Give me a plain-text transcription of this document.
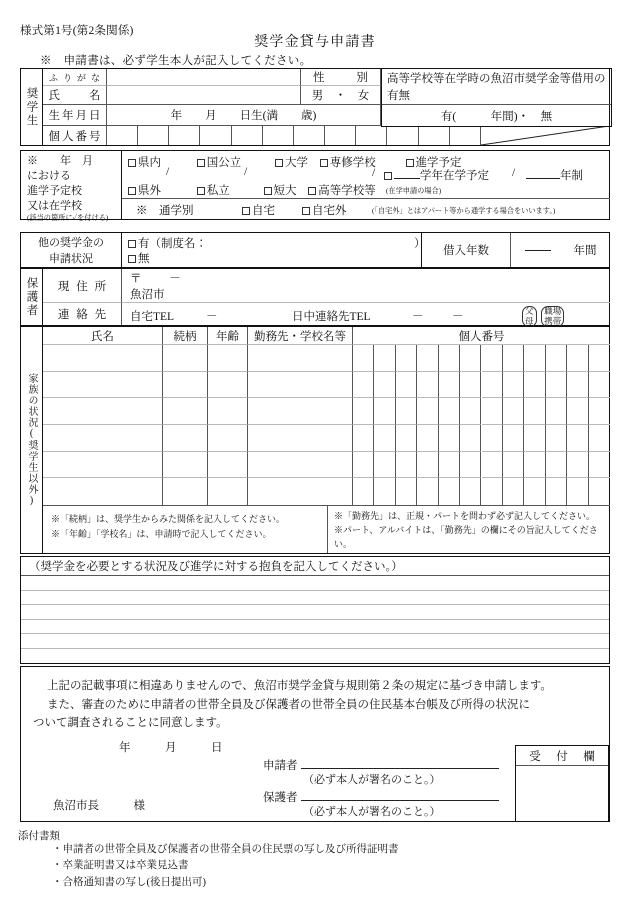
様式第1号(第2条関係)
奨学金貸与申請書
※　申請書は、必ず学生本人が記入してください。
奨学生
ふりがな
氏　　名
性　　別
男　・　女
生年月日	年　　月　　日生(満　　歳)
個人番号
高等学校等在学時の魚沼市奨学金等借用の有無
有(　　　年間)・　無
※　　年　月
における
進学予定校
又は在学校
(該当の箇所に✓を付ける)
県内	国公立	大学 専修学校	進学予定
/	/	/	/
学年在学予定	年制
県外	私立	短大 高等学校等 (在学申請の場合)
※　通学別	自宅	自宅外	(「自宅外」とはアパート等から通学する場合をいいます。)
他の奨学金の
申請状況
有（制度名：	）
無
借入年数	　　年間
保護者	現 住 所
〒 －
魚沼市
連 絡 先	自宅TEL	－	日中連絡先TEL	－ －	父
母

職場
携帯
家族の状況
(奨学生以外)
氏名	続柄	年齢	勤務先・学校名等	個人番号
※「続柄」は、奨学生からみた関係を記入してください。
※「年齢」「学校名」は、申請時で記入してください。
※「勤務先」は、正規・パートを問わず必ず記入してください。
※パート、アルバイトは、「勤務先」の欄にその旨記入してください。
（奨学金を必要とする状況及び進学に対する抱負を記入してください。）
上記の記載事項に相違ありませんので、魚沼市奨学金貸与規則第２条の規定に基づき申請します。
また、審査のために申請者の世帯全員及び保護者の世帯全員の住民基本台帳及び所得の状況に
ついて調査されることに同意します。
年　　　月　　　日
申請者
（必ず本人が署名のこと。）
保護者
（必ず本人が署名のこと。）
魚沼市長　　　様
受　付　欄
添付書類
・ 申請者の世帯全員及び保護者の世帯全員の住民票の写し及び所得証明書
・ 卒業証明書又は卒業見込書
・ 合格通知書の写し(後日提出可)
